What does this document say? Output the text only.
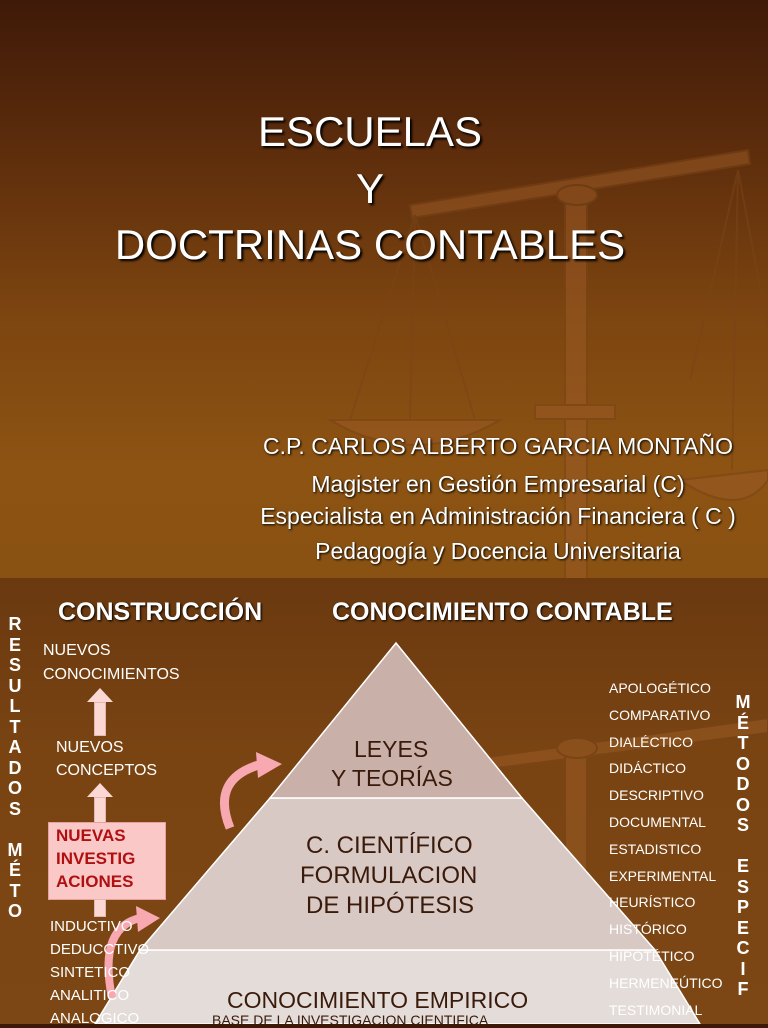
ESCUELAS
Y
DOCTRINAS CONTABLES
C.P. CARLOS ALBERTO GARCIA MONTAÑO
Magister en Gestión Empresarial (C)
Especialista en Administración Financiera ( C )
Pedagogía y Docencia Universitaria
CONSTRUCCIÓN	CONOCIMIENTO CONTABLE
R
E
S
U
L
T
A
D
O
S

M
É
T
O
M
É
T
O
D
O
S

E
S
P
E
C
I
F
NUEVOS
CONOCIMIENTOS
NUEVOS
CONCEPTOS
NUEVAS
INVESTIG
ACIONES
LEYES
Y TEORÍAS
C. CIENTÍFICO
FORMULACION
DE HIPÓTESIS
CONOCIMIENTO EMPIRICO
BASE DE LA INVESTIGACION CIENTIFICA
INDUCTIVO
DEDUCCTIVO
SINTETICO
ANALITICO
ANALOGICO
APOLOGÉTICO
COMPARATIVO
DIALÉCTICO
DIDÁCTICO
DESCRIPTIVO
DOCUMENTAL
ESTADISTICO
EXPERIMENTAL
HEURÍSTICO
HISTÓRICO
HIPOTÉTICO
HERMENEÚTICO
TESTIMONIAL
